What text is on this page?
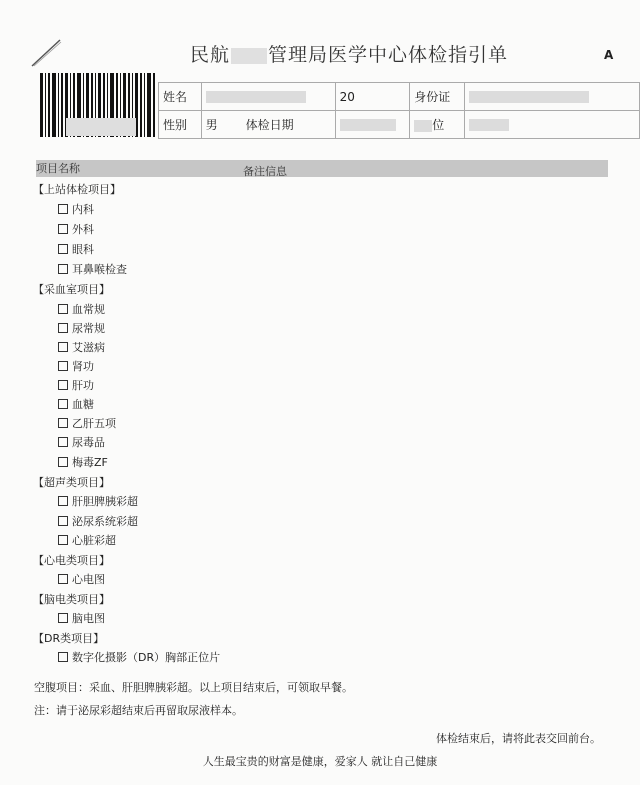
民航 管理局医学中心体检指引单	A
姓名		20	身份证	
性别	男 体检日期		位	
项目名称	备注信息
【上站体检项目】
内科
外科
眼科
耳鼻喉检查
【采血室项目】
血常规
尿常规
艾滋病
肾功
肝功
血糖
乙肝五项
尿毒品
梅毒ZF
【超声类项目】
肝胆脾胰彩超
泌尿系统彩超
心脏彩超
【心电类项目】
心电图
【脑电类项目】
脑电图
【DR类项目】
数字化摄影（DR）胸部正位片
空腹项目：采血、肝胆脾胰彩超。以上项目结束后，可领取早餐。
注：请于泌尿彩超结束后再留取尿液样本。
体检结束后，请将此表交回前台。
人生最宝贵的财富是健康，爱家人 就让自己健康
